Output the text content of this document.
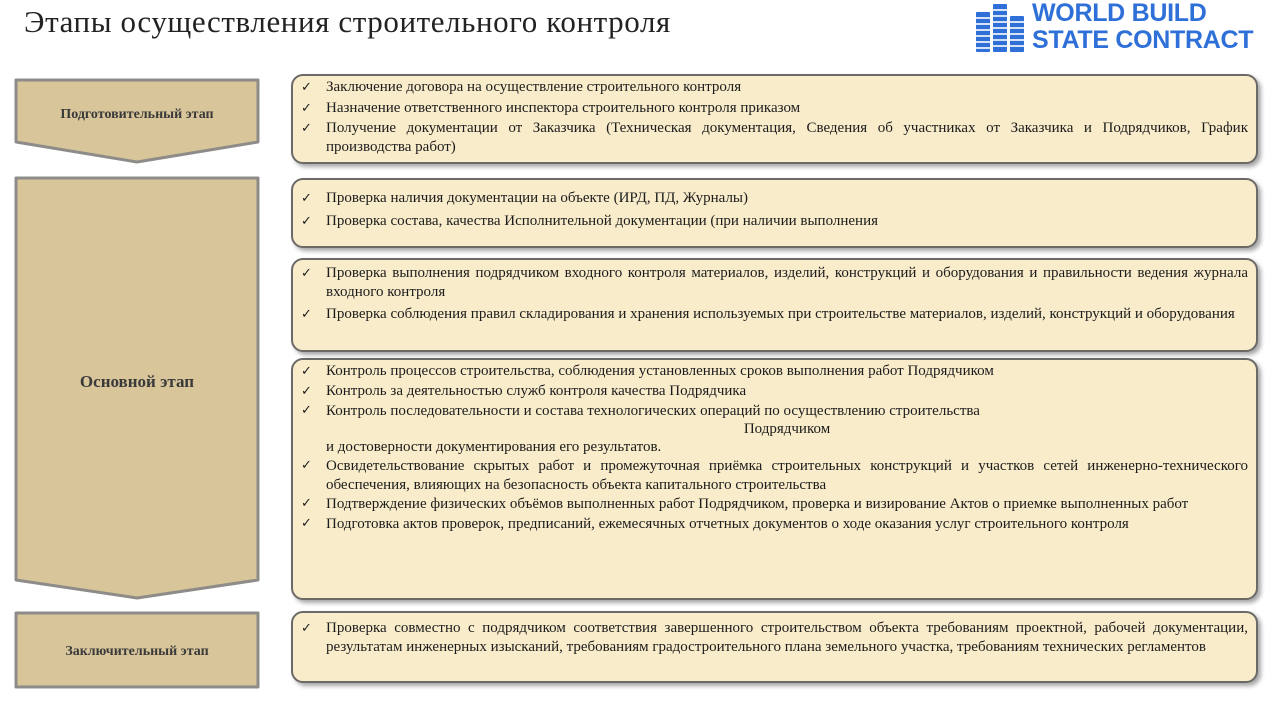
Этапы осуществления строительного контроля	WORLD BUILD
STATE CONTRACT
Подготовительный этап
Основной этап
Заключительный этап
✓ Заключение договора на осуществление строительного контроля
✓ Назначение ответственного инспектора строительного контроля приказом
✓ Получение документации от Заказчика (Техническая документация, Сведения об участниках от Заказчика и Подрядчиков, График производства работ)
✓ Проверка наличия документации на объекте (ИРД, ПД, Журналы)
✓ Проверка состава, качества Исполнительной документации (при наличии выполнения
✓ Проверка выполнения подрядчиком входного контроля материалов, изделий, конструкций и оборудования и правильности ведения журнала входного контроля
✓ Проверка соблюдения правил складирования и хранения используемых при строительстве материалов, изделий, конструкций и оборудования
✓ Контроль процессов строительства, соблюдения установленных сроков выполнения работ Подрядчиком
✓ Контроль за деятельностью служб контроля качества Подрядчика
✓ Контроль последовательности и состава технологических операций по осуществлению строительства
Подрядчиком
и достоверности документирования его результатов.
✓ Освидетельствование скрытых работ и промежуточная приёмка строительных конструкций и участков сетей инженерно-технического обеспечения, влияющих на безопасность объекта капитального строительства
✓ Подтверждение физических объёмов выполненных работ Подрядчиком, проверка и визирование Актов о приемке выполненных работ
✓ Подготовка актов проверок, предписаний, ежемесячных отчетных документов о ходе оказания услуг строительного контроля
✓ Проверка совместно с подрядчиком соответствия завершенного строительством объекта требованиям проектной, рабочей документации, результатам инженерных изысканий, требованиям градостроительного плана земельного участка, требованиям технических регламентов
